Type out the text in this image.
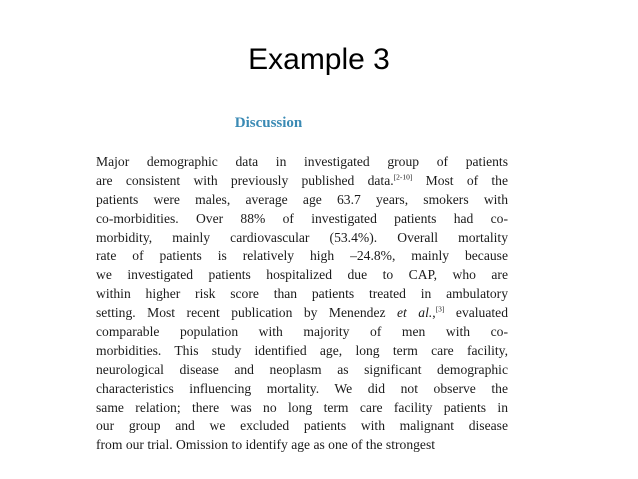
Example 3
Discussion
Major demographic data in investigated group of patients
are consistent with previously published data.[2-10] Most of the
patients were males, average age 63.7 years, smokers with
co-morbidities. Over 88% of investigated patients had co-
morbidity, mainly cardiovascular (53.4%). Overall mortality
rate of patients is relatively high –24.8%, mainly because
we investigated patients hospitalized due to CAP, who are
within higher risk score than patients treated in ambulatory
setting. Most recent publication by Menendez et al.,[3] evaluated
comparable population with majority of men with co-
morbidities. This study identified age, long term care facility,
neurological disease and neoplasm as significant demographic
characteristics influencing mortality. We did not observe the
same relation; there was no long term care facility patients in
our group and we excluded patients with malignant disease
from our trial. Omission to identify age as one of the strongest
